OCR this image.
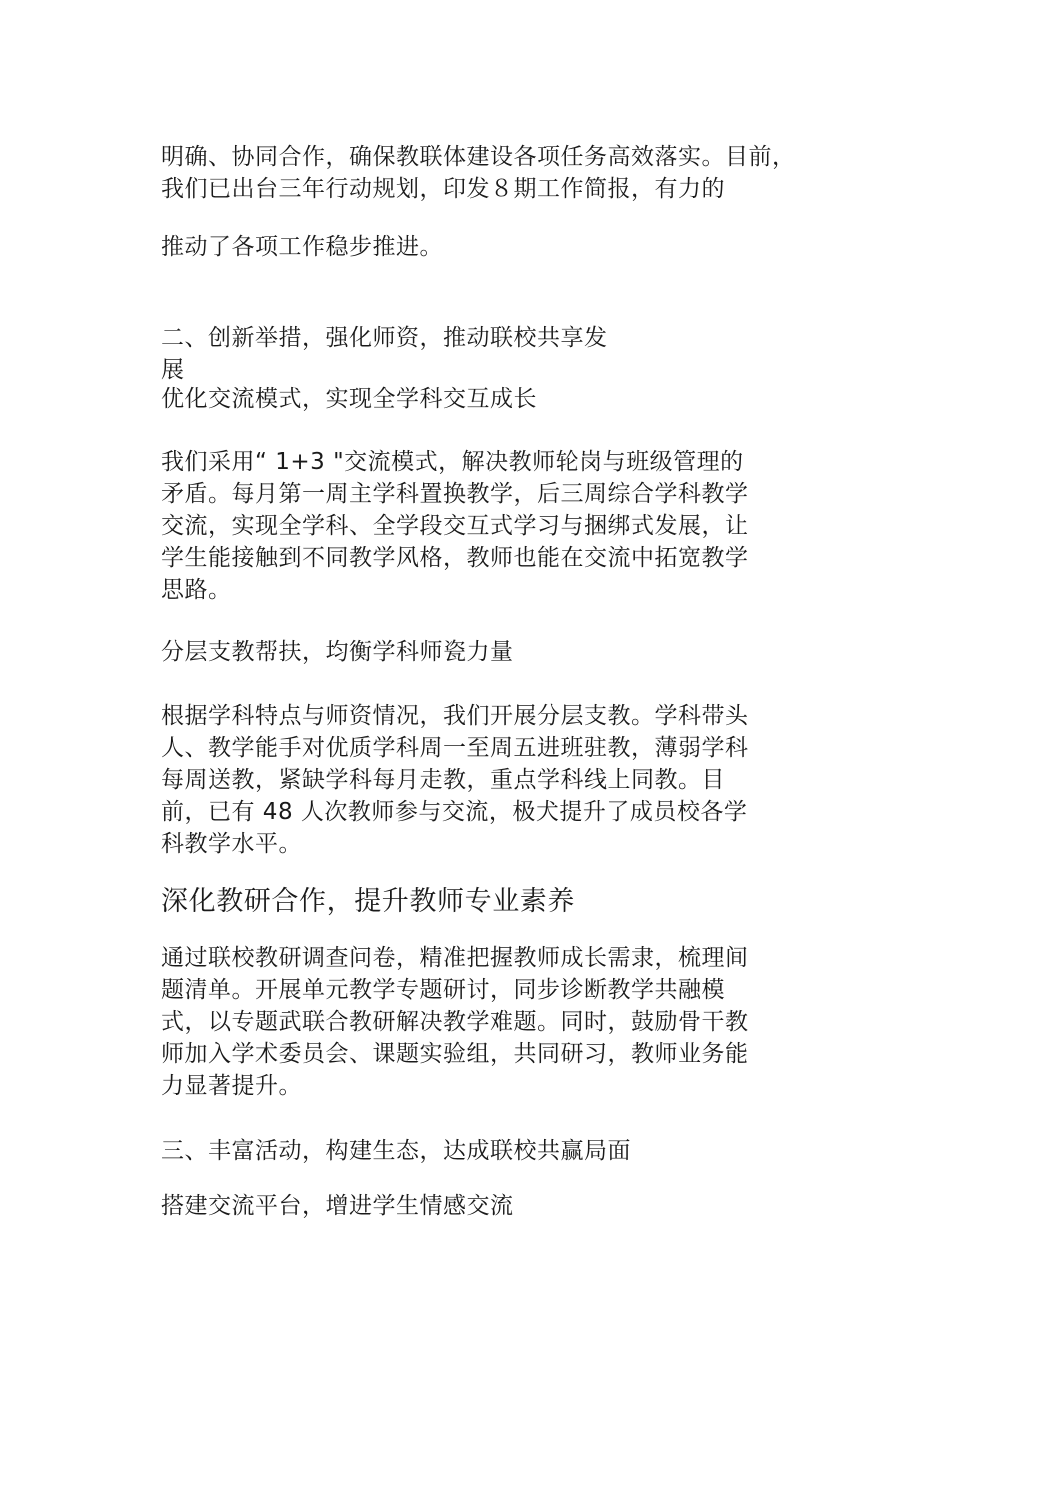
明确、协同合作，确保教联体建设各项任务高效落实。目前，
我们已出台三年行动规划，印发８期工作简报，有力的
推动了各项工作稳步推进。
二、创新举措，强化师资，推动联校共享发
展
优化交流模式，实现全学科交互成长
我们采用“ 1+3 "交流模式，解决教师轮岗与班级管理的
矛盾。每月第一周主学科置换教学，后三周综合学科教学
交流，实现全学科、全学段交互式学习与捆绑式发展，让
学生能接触到不同教学风格，教师也能在交流中拓宽教学
思路。
分层支教帮扶，均衡学科师瓷力量
根据学科特点与师资情况，我们开展分层支教。学科带头
人、教学能手对优质学科周一至周五进班驻教，薄弱学科
每周送教，紧缺学科每月走教，重点学科线上同教。目
前，已有 48 人次教师参与交流，极犬提升了成员校各学
科教学水平。
深化教研合作，提升教师专业素养
通过联校教研调查问卷，精准把握教师成长需隶，梳理间
题清单。开展单元教学专题研讨，同步诊断教学共融模
式，以专题武联合教研解决教学难题。同时，鼓励骨干教
师加入学术委员会、课题实验组，共同研习，教师业务能
力显著提升。
三、丰富活动，构建生态，达成联校共赢局面
搭建交流平台，增进学生情感交流
